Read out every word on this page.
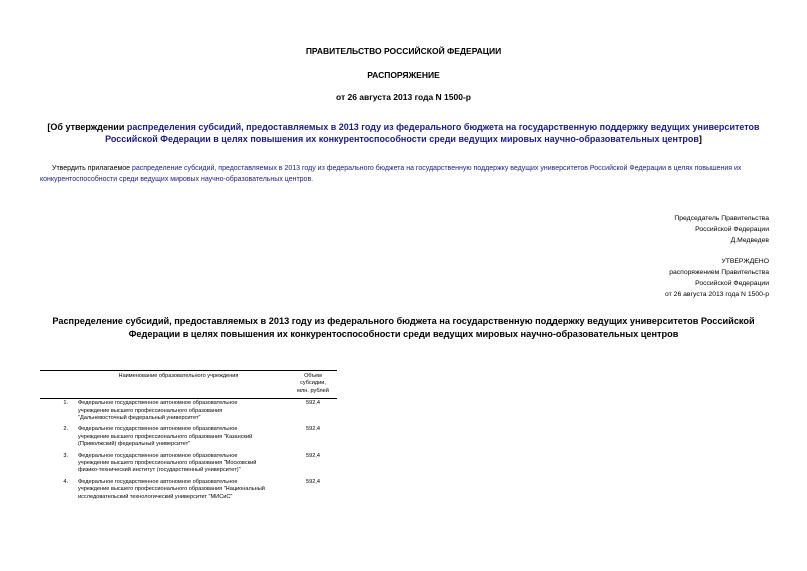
ПРАВИТЕЛЬСТВО РОССИЙСКОЙ ФЕДЕРАЦИИ
РАСПОРЯЖЕНИЕ
от 26 августа 2013 года N 1500-р
[Об утверждении распределения субсидий, предоставляемых в 2013 году из федерального бюджета на государственную поддержку ведущих университетов
Российской Федерации в целях повышения их конкурентоспособности среди ведущих мировых научно-образовательных центров]
Утвердить прилагаемое распределение субсидий, предоставляемых в 2013 году из федерального бюджета на государственную поддержку ведущих университетов Российской Федерации в целях повышения их конкурентоспособности среди ведущих мировых научно-образовательных центров.
Председатель Правительства
Российской Федерации
Д.Медведев
УТВЕРЖДЕНО
распоряжением Правительства
Российской Федерации
от 26 августа 2013 года N 1500-р
Распределение субсидий, предоставляемых в 2013 году из федерального бюджета на государственную поддержку ведущих университетов Российской
Федерации в целях повышения их конкурентоспособности среди ведущих мировых научно-образовательных центров
Наименование образовательного учреждения		Объем
субсидии,
млн. рублей

1.	Федеральное государственное автономное образовательное
учреждение высшего профессионального образования
"Дальневосточный федеральный университет"	592,4
2.	Федеральное государственное автономное образовательное
учреждение высшего профессионального образования "Казанский
(Приволжский) федеральный университет"	592,4
3.	Федеральное государственное автономное образовательное
учреждение высшего профессионального образования "Московский
физико-технический институт (государственный университет)"	592,4
4.	Федеральное государственное автономное образовательное
учреждение высшего профессионального образования "Национальный
исследовательский технологический университет "МИСиС"	592,4
